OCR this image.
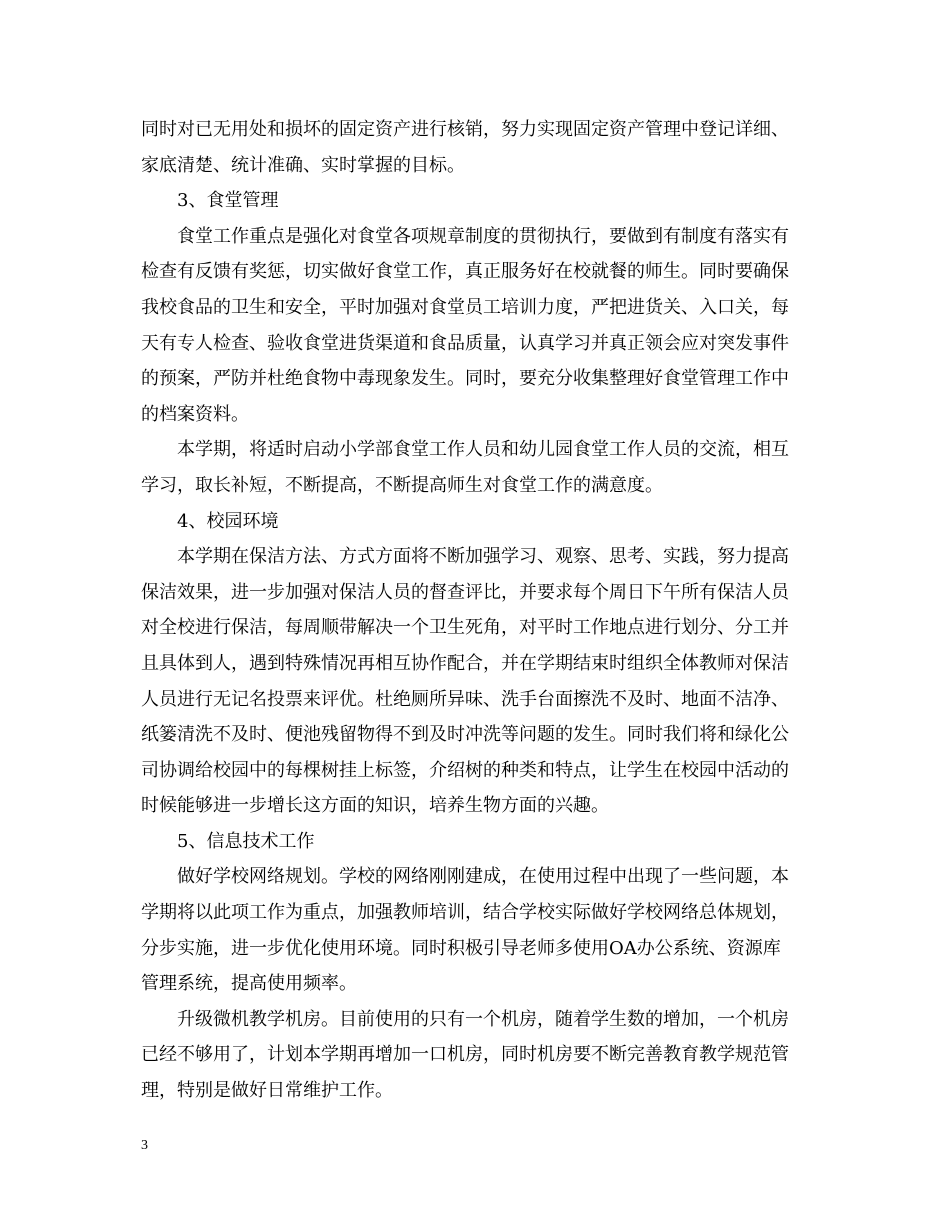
同时对已无用处和损坏的固定资产进行核销，努力实现固定资产管理中登记详细、
家底清楚、统计准确、实时掌握的目标。
3、食堂管理
食堂工作重点是强化对食堂各项规章制度的贯彻执行，要做到有制度有落实有
检查有反馈有奖惩，切实做好食堂工作，真正服务好在校就餐的师生。同时要确保
我校食品的卫生和安全，平时加强对食堂员工培训力度，严把进货关、入口关，每
天有专人检查、验收食堂进货渠道和食品质量，认真学习并真正领会应对突发事件
的预案，严防并杜绝食物中毒现象发生。同时，要充分收集整理好食堂管理工作中
的档案资料。
本学期，将适时启动小学部食堂工作人员和幼儿园食堂工作人员的交流，相互
学习，取长补短，不断提高，不断提高师生对食堂工作的满意度。
4、校园环境
本学期在保洁方法、方式方面将不断加强学习、观察、思考、实践，努力提高
保洁效果，进一步加强对保洁人员的督查评比，并要求每个周日下午所有保洁人员
对全校进行保洁，每周顺带解决一个卫生死角，对平时工作地点进行划分、分工并
且具体到人，遇到特殊情况再相互协作配合，并在学期结束时组织全体教师对保洁
人员进行无记名投票来评优。杜绝厕所异味、洗手台面擦洗不及时、地面不洁净、
纸篓清洗不及时、便池残留物得不到及时冲洗等问题的发生。同时我们将和绿化公
司协调给校园中的每棵树挂上标签，介绍树的种类和特点，让学生在校园中活动的
时候能够进一步增长这方面的知识，培养生物方面的兴趣。
5、信息技术工作
做好学校网络规划。学校的网络刚刚建成，在使用过程中出现了一些问题，本
学期将以此项工作为重点，加强教师培训，结合学校实际做好学校网络总体规划，
分步实施，进一步优化使用环境。同时积极引导老师多使用OA办公系统、资源库
管理系统，提高使用频率。
升级微机教学机房。目前使用的只有一个机房，随着学生数的增加，一个机房
已经不够用了，计划本学期再增加一口机房，同时机房要不断完善教育教学规范管
理，特别是做好日常维护工作。
3
